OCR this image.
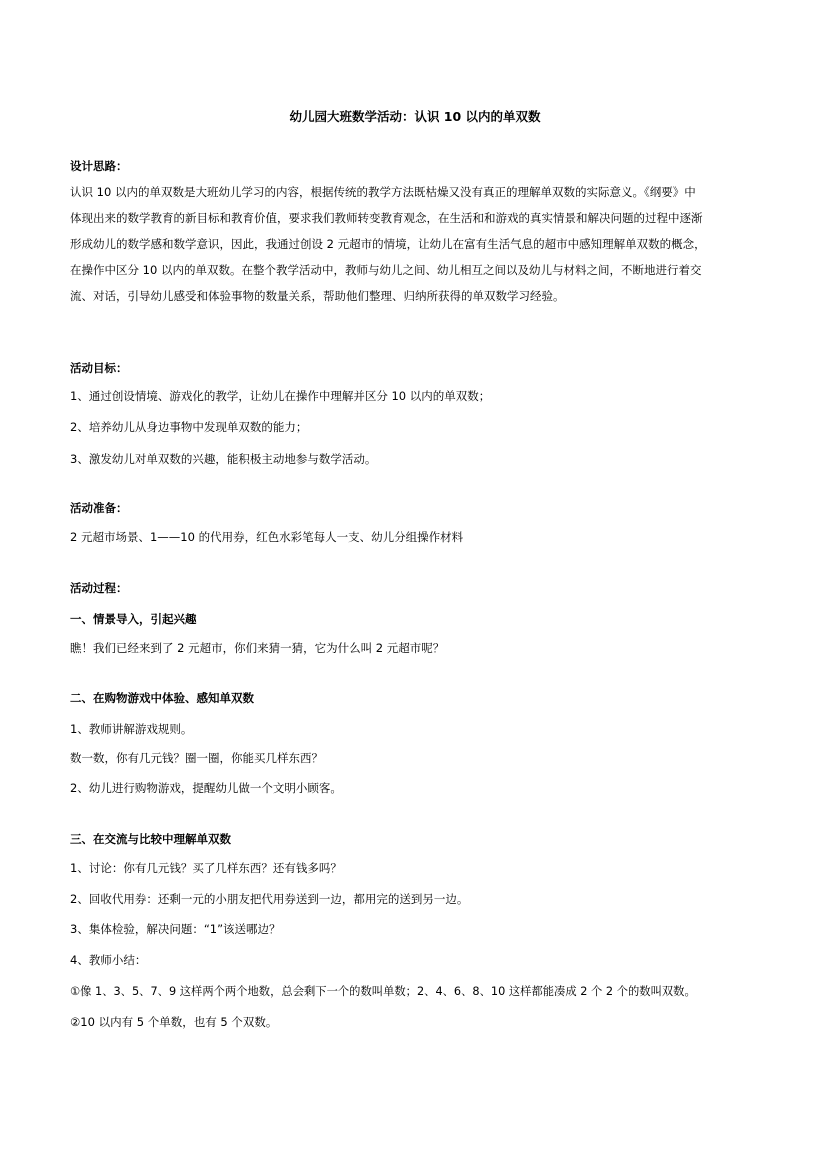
幼儿园大班数学活动：认识 10 以内的单双数
设计思路：
认识 10 以内的单双数是大班幼儿学习的内容，根据传统的教学方法既枯燥又没有真正的理解单双数的实际意义。《纲要》中
体现出来的数学教育的新目标和教育价值，要求我们教师转变教育观念，在生活和和游戏的真实情景和解决问题的过程中逐渐
形成幼儿的数学感和数学意识，因此，我通过创设 2 元超市的情境，让幼儿在富有生活气息的超市中感知理解单双数的概念，
在操作中区分 10 以内的单双数。在整个教学活动中，教师与幼儿之间、幼儿相互之间以及幼儿与材料之间，不断地进行着交
流、对话，引导幼儿感受和体验事物的数量关系，帮助他们整理、归纳所获得的单双数学习经验。
活动目标：
1、通过创设情境、游戏化的教学，让幼儿在操作中理解并区分 10 以内的单双数；
2、培养幼儿从身边事物中发现单双数的能力；
3、激发幼儿对单双数的兴趣，能积极主动地参与数学活动。
活动准备：
2 元超市场景、1——10 的代用券，红色水彩笔每人一支、幼儿分组操作材料
活动过程：
一、情景导入，引起兴趣
瞧！我们已经来到了 2 元超市，你们来猜一猜，它为什么叫 2 元超市呢？
二、在购物游戏中体验、感知单双数
1、教师讲解游戏规则。
数一数，你有几元钱？圈一圈，你能买几样东西？
2、幼儿进行购物游戏，提醒幼儿做一个文明小顾客。
三、在交流与比较中理解单双数
1、讨论：你有几元钱？买了几样东西？还有钱多吗？
2、回收代用券：还剩一元的小朋友把代用券送到一边，都用完的送到另一边。
3、集体检验，解决问题：“1”该送哪边？
4、教师小结：
①像 1、3、5、7、9 这样两个两个地数，总会剩下一个的数叫单数；2、4、6、8、10 这样都能凑成 2 个 2 个的数叫双数。
②10 以内有 5 个单数，也有 5 个双数。
